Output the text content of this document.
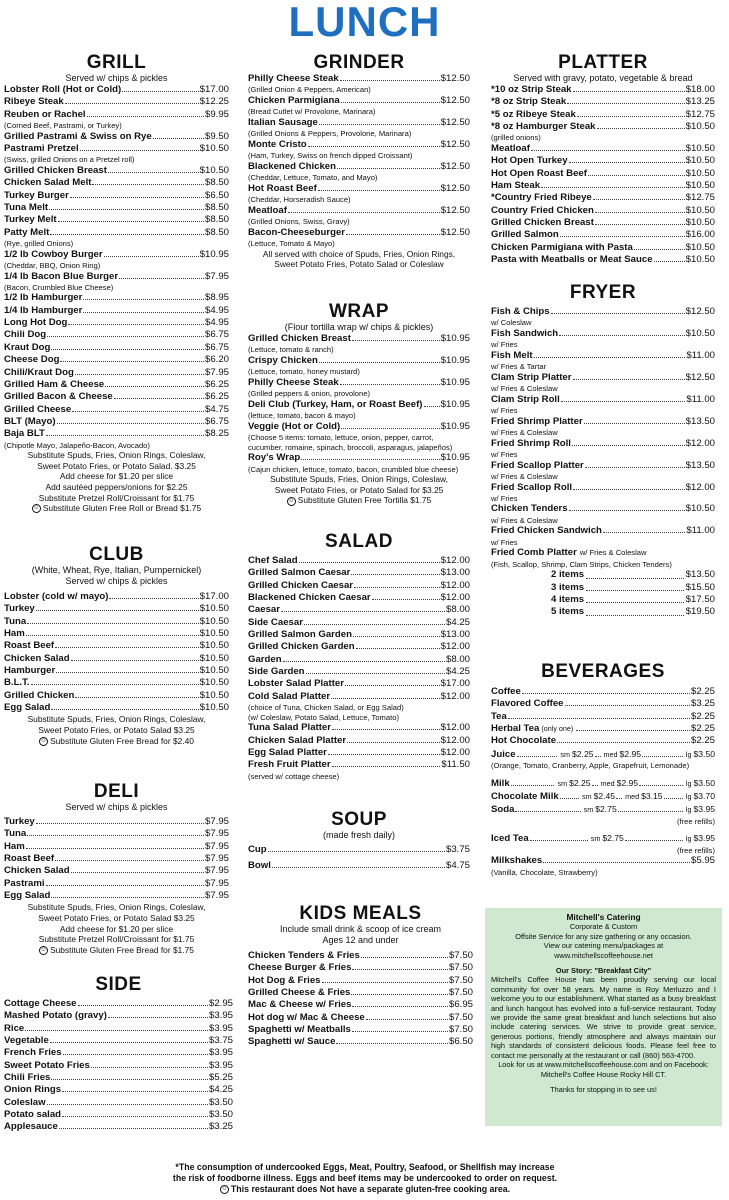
LUNCH
GRILL
Served w/ chips & pickles
Lobster Roll (Hot or Cold)	$17.00
Ribeye Steak	$12.25
Reuben or Rachel	$9.95
(Corned Beef, Pastrami, or Turkey)
Grilled Pastrami & Swiss on Rye	$9.50
Pastrami Pretzel	$10.50
(Swiss, grilled Onions on a Pretzel roll)
Grilled Chicken Breast	$10.50
Chicken Salad Melt	$8.50
Turkey Burger	$6.50
Tuna Melt	$8.50
Turkey Melt	$8.50
Patty Melt	$8.50
(Rye, grilled Onions)
1/2 lb Cowboy Burger	$10.95
(Cheddar, BBQ, Onion Ring)
1/4 lb Bacon Blue Burger	$7.95
(Bacon, Crumbled Blue Cheese)
1/2 lb Hamburger	$8.95
1/4 lb Hamburger	$4.95
Long Hot Dog	$4.95
Chili Dog	$6.75
Kraut Dog	$6.75
Cheese Dog	$6.20
Chili/Kraut Dog	$7.95
Grilled Ham & Cheese	$6.25
Grilled Bacon & Cheese	$6.25
Grilled Cheese	$4.75
BLT (Mayo)	$6.75
Baja BLT	$8.25
(Chipotle Mayo, Jalapeño-Bacon, Avocado)
Substitute Spuds, Fries, Onion Rings, Coleslaw,
Sweet Potato Fries, or Potato Salad. $3.25
Add cheese for $1.20 per slice
Add sautéed peppers/onions for $2.25
Substitute Pretzel Roll/Croissant for $1.75
☺ Substitute Gluten Free Roll or Bread $1.75
CLUB
(White, Wheat, Rye, Italian, Pumpernickel)
Served w/ chips & pickles
Lobster (cold w/ mayo)	$17.00
Turkey	$10.50
Tuna	$10.50
Ham	$10.50
Roast Beef	$10.50
Chicken Salad	$10.50
Hamburger	$10.50
B.L.T.	$10.50
Grilled Chicken	$10.50
Egg Salad	$10.50
Substitute Spuds, Fries, Onion Rings, Coleslaw,
Sweet Potato Fries, or Potato Salad $3.25
☺ Substitute Gluten Free Bread for $2.40
DELI
Served w/ chips & pickles
Turkey	$7.95
Tuna	$7.95
Ham	$7.95
Roast Beef	$7.95
Chicken Salad	$7.95
Pastrami	$7.95
Egg Salad	$7.95
Substitute Spuds, Fries, Onion Rings, Coleslaw,
Sweet Potato Fries, or Potato Salad $3.25
Add cheese for $1.20 per slice
Substitute Pretzel Roll/Croissant for $1.75
☺ Substitute Gluten Free Bread for $1.75
SIDE
Cottage Cheese	$2.95
Mashed Potato (gravy)	$3.95
Rice	$3.95
Vegetable	$3.75
French Fries	$3.95
Sweet Potato Fries	$3.95
Chili Fries	$5.25
Onion Rings	$4.25
Coleslaw	$3.50
Potato salad	$3.50
Applesauce	$3.25
GRINDER
Philly Cheese Steak	$12.50
(Grilled Onion & Peppers, American)
Chicken Parmigiana	$12.50
(Bread Cutlet w/ Provolone, Marinara)
Italian Sausage	$12.50
(Grilled Onions & Peppers, Provolone, Marinara)
Monte Cristo	$12.50
(Ham, Turkey, Swiss on french dipped Croissant)
Blackened Chicken	$12.50
(Cheddar, Lettuce, Tomato, and Mayo)
Hot Roast Beef	$12.50
(Cheddar, Horseradish Sauce)
Meatloaf	$12.50
(Grilled Onions, Swiss, Gravy)
Bacon-Cheeseburger	$12.50
(Lettuce, Tomato & Mayo)
All served with choice of Spuds, Fries, Onion Rings,
Sweet Potato Fries, Potato Salad or Coleslaw
WRAP
(Flour tortilla wrap w/ chips & pickles)
Grilled Chicken Breast	$10.95
(Lettuce, tomato & ranch)
Crispy Chicken	$10.95
(Lettuce, tomato, honey mustard)
Philly Cheese Steak	$10.95
(Grilled peppers & onion, provolone)
Deli Club (Turkey, Ham, or Roast Beef) $10.95
(lettuce, tomato, bacon & mayo)
Veggie (Hot or Cold)	$10.95
(Choose 5 items: tomato, lettuce, onion, pepper, carrot,
cucumber, romaine, spinach, broccoli, asparagus, jalapeños)
Roy's Wrap	$10.95
(Cajun chicken, lettuce, tomato, bacon, crumbled blue cheese)
Substitute Spuds, Fries, Onion Rings, Coleslaw,
Sweet Potato Fries, or Potato Salad for $3.25
☺ Substitute Gluten Free Tortilla $1.75
SALAD
Chef Salad	$12.00
Grilled Salmon Caesar	$13.00
Grilled Chicken Caesar	$12.00
Blackened Chicken Caesar	$12.00
Caesar	$8.00
Side Caesar	$4.25
Grilled Salmon Garden	$13.00
Grilled Chicken Garden	$12.00
Garden	$8.00
Side Garden	$4.25
Lobster Salad Platter	$17.00
Cold Salad Platter	$12.00
(choice of Tuna, Chicken Salad, or Egg Salad)
(w/ Coleslaw, Potato Salad, Lettuce, Tomato)
Tuna Salad Platter	$12.00
Chicken Salad Platter	$12.00
Egg Salad Platter	$12.00
Fresh Fruit Platter	$11.50
(served w/ cottage cheese)
SOUP
(made fresh daily)
Cup	$3.75
Bowl	$4.75
KIDS MEALS
Include small drink & scoop of ice cream
Ages 12 and under
Chicken Tenders & Fries	$7.50
Cheese Burger & Fries	$7.50
Hot Dog & Fries	$7.50
Grilled Cheese & Fries	$7.50
Mac & Cheese w/ Fries	$6.95
Hot dog w/ Mac & Cheese	$7.50
Spaghetti w/ Meatballs	$7.50
Spaghetti w/ Sauce	$6.50
PLATTER
Served with gravy, potato, vegetable & bread
*10 oz Strip Steak	$18.00
*8 oz Strip Steak	$13.25
*5 oz Ribeye Steak	$12.75
*8 oz Hamburger Steak	$10.50
(grilled onions)
Meatloaf	$10.50
Hot Open Turkey	$10.50
Hot Open Roast Beef	$10.50
Ham Steak	$10.50
*Country Fried Ribeye	$12.75
Country Fried Chicken	$10.50
Grilled Chicken Breast	$10.50
Grilled Salmon	$16.00
Chicken Parmigiana with Pasta	$10.50
Pasta with Meatballs or Meat Sauce	$10.50
FRYER
Fish & Chips	$12.50
w/ Coleslaw
Fish Sandwich	$10.50
w/ Fries
Fish Melt	$11.00
w/ Fries & Tartar
Clam Strip Platter	$12.50
w/ Fries & Coleslaw
Clam Strip Roll	$11.00
w/ Fries
Fried Shrimp Platter	$13.50
w/ Fries & Coleslaw
Fried Shrimp Roll	$12.00
w/ Fries
Fried Scallop Platter	$13.50
w/ Fries & Coleslaw
Fried Scallop Roll	$12.00
w/ Fries
Chicken Tenders	$10.50
w/ Fries & Coleslaw
Fried Chicken Sandwich	$11.00
w/ Fries
Fried Comb Platter w/ Fries & Coleslaw
(Fish, Scallop, Shrimp, Clam Strips, Chicken Tenders)
2 items	$13.50
3 items	$15.50
4 items	$17.50
5 items	$19.50
BEVERAGES
Coffee	$2.25
Flavored Coffee	$3.25
Tea	$2.25
Herbal Tea (only one)	$2.25
Hot Chocolate	$2.25
Juice	sm $2.25 med $2.95	lg $3.50
(Orange, Tomato, Cranberry, Apple, Grapefruit, Lemonade)
Milk	sm $2.25 med $2.95	lg $3.50
Chocolate Milk	sm $2.45 med $3.15	lg $3.70
Soda	sm $2.75	lg $3.95
(free refills)
Iced Tea	sm $2.75	lg $3.95
(free refills)
Milkshakes	$5.95
(Vanilla, Chocolate, Strawberry)
Mitchell's Catering
Corporate & Custom
Offsite Service for any size gathering or any occasion.
View our catering menu/packages at
www.mitchellscoffeehouse.net
Our Story: "Breakfast City"
Mitchell's Coffee House has been proudly serving our local community for over 58 years. My name is Roy Merluzzo and I welcome you to our establishment. What started as a busy breakfast and lunch hangout has evolved into a full-service restaurant. Today we provide the same great breakfast and lunch selections but also include catering services. We strive to provide great service, generous portions, friendly atmosphere and always maintain our high standards of consistent delicious foods. Please feel free to contact me personally at the restaurant or call (860) 563-4700.
Look for us at www.mitchellscoffeehouse.com and on Facebook: Mitchell's Coffee House Rocky Hill CT.
Thanks for stopping in to see us!
*The consumption of undercooked Eggs, Meat, Poultry, Seafood, or Shellfish may increase
the risk of foodborne illness. Eggs and beef items may be undercooked to order on request.
☺ This restaurant does Not have a separate gluten-free cooking area.
